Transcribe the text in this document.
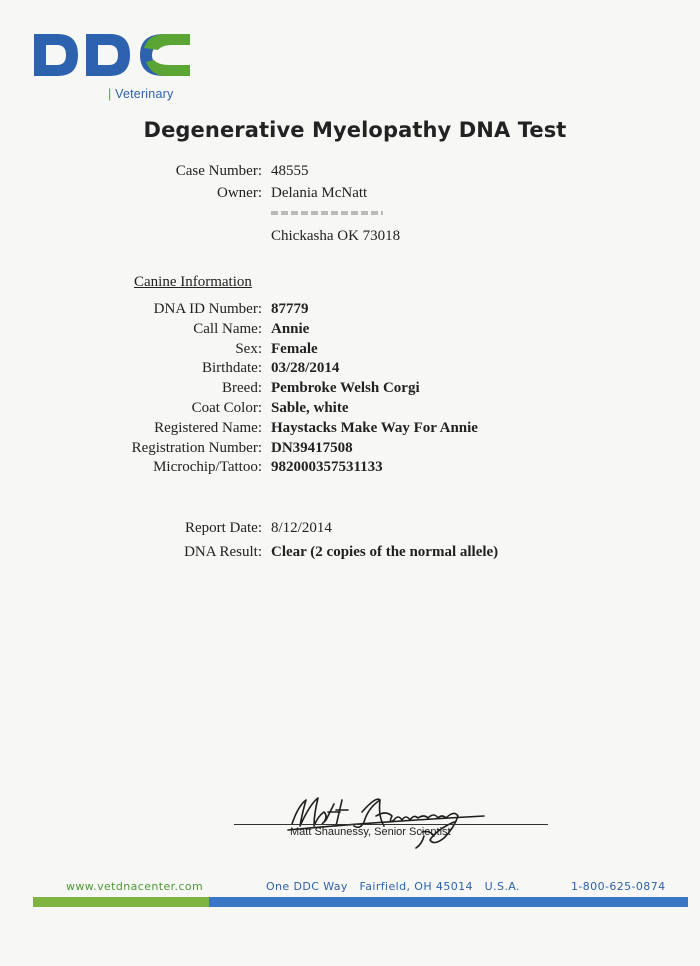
| Veterinary
Degenerative Myelopathy DNA Test
Case Number: 48555
Owner: Delania McNatt
Chickasha OK 73018
Canine Information
DNA ID Number: 87779
Call Name: Annie
Sex: Female
Birthdate: 03/28/2014
Breed: Pembroke Welsh Corgi
Coat Color: Sable, white
Registered Name: Haystacks Make Way For Annie
Registration Number: DN39417508
Microchip/Tattoo: 982000357531133
Report Date: 8/12/2014
DNA Result: Clear (2 copies of the normal allele)
Matt Shaunessy, Senior Scientist
www.vetdnacenter.com	One DDC Way   Fairfield, OH 45014   U.S.A.	1-800-625-0874
